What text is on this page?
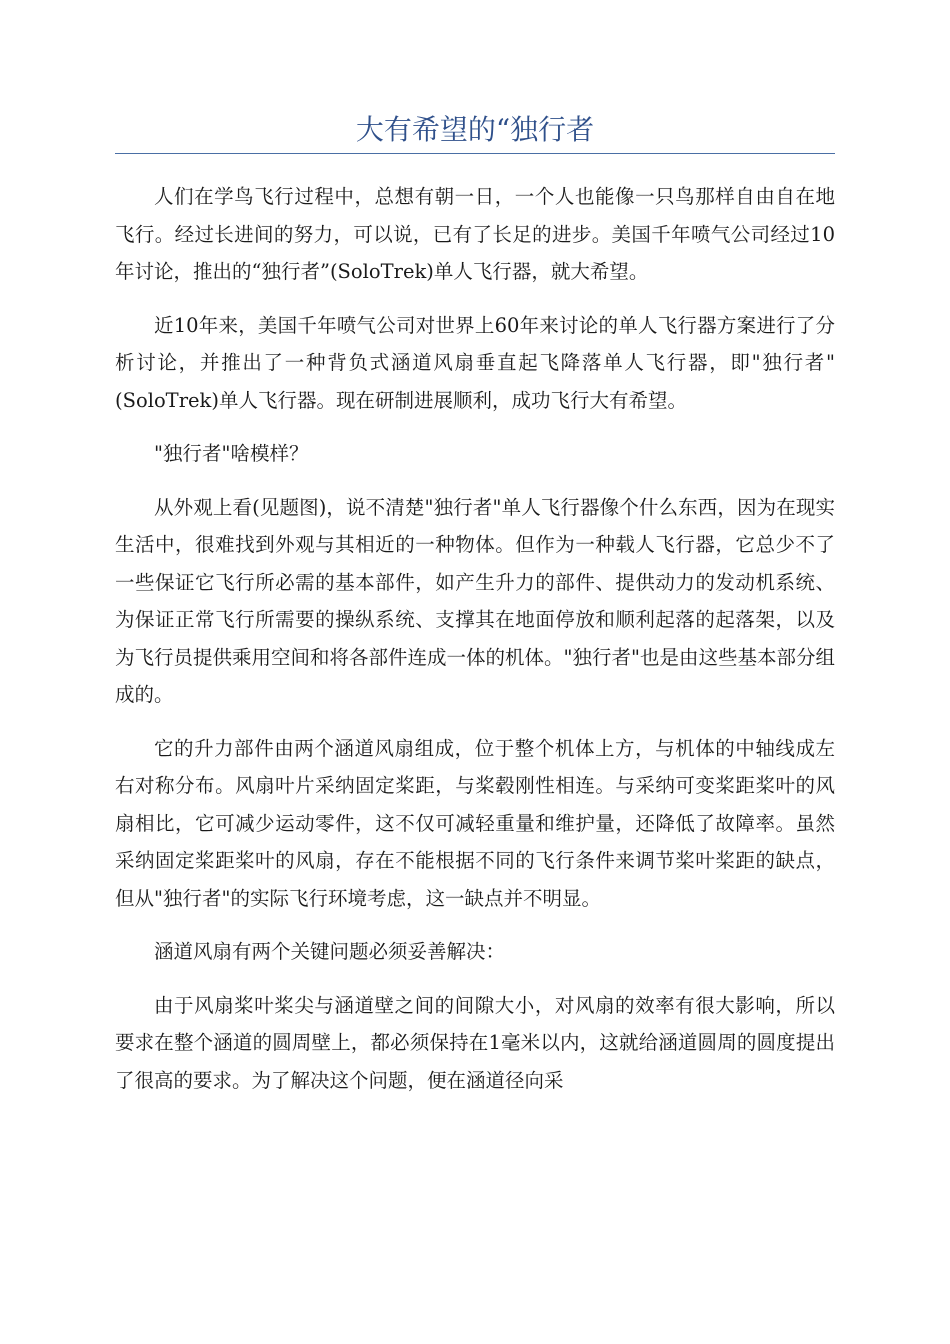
大有希望的“独行者

人们在学鸟飞行过程中，总想有朝一日，一个人也能像一只鸟那样自由自在地飞行。经过长进间的努力，可以说，已有了长足的进步。美国千年喷气公司经过10年讨论，推出的“独行者”(SoloTrek)单人飞行器，就大希望。

近10年来，美国千年喷气公司对世界上60年来讨论的单人飞行器方案进行了分析讨论，并推出了一种背负式涵道风扇垂直起飞降落单人飞行器，即"独行者"(SoloTrek)单人飞行器。现在研制进展顺利，成功飞行大有希望。

"独行者"啥模样？

从外观上看(见题图)，说不清楚"独行者"单人飞行器像个什么东西，因为在现实生活中，很难找到外观与其相近的一种物体。但作为一种载人飞行器，它总少不了一些保证它飞行所必需的基本部件，如产生升力的部件、提供动力的发动机系统、为保证正常飞行所需要的操纵系统、支撑其在地面停放和顺利起落的起落架，以及为飞行员提供乘用空间和将各部件连成一体的机体。"独行者"也是由这些基本部分组成的。

它的升力部件由两个涵道风扇组成，位于整个机体上方，与机体的中轴线成左右对称分布。风扇叶片采纳固定桨距，与桨毂刚性相连。与采纳可变桨距桨叶的风扇相比，它可减少运动零件，这不仅可减轻重量和维护量，还降低了故障率。虽然采纳固定桨距桨叶的风扇，存在不能根据不同的飞行条件来调节桨叶桨距的缺点，但从"独行者"的实际飞行环境考虑，这一缺点并不明显。

涵道风扇有两个关键问题必须妥善解决：

由于风扇桨叶桨尖与涵道壁之间的间隙大小，对风扇的效率有很大影响，所以要求在整个涵道的圆周壁上，都必须保持在1毫米以内，这就给涵道圆周的圆度提出了很高的要求。为了解决这个问题，便在涵道径向采
